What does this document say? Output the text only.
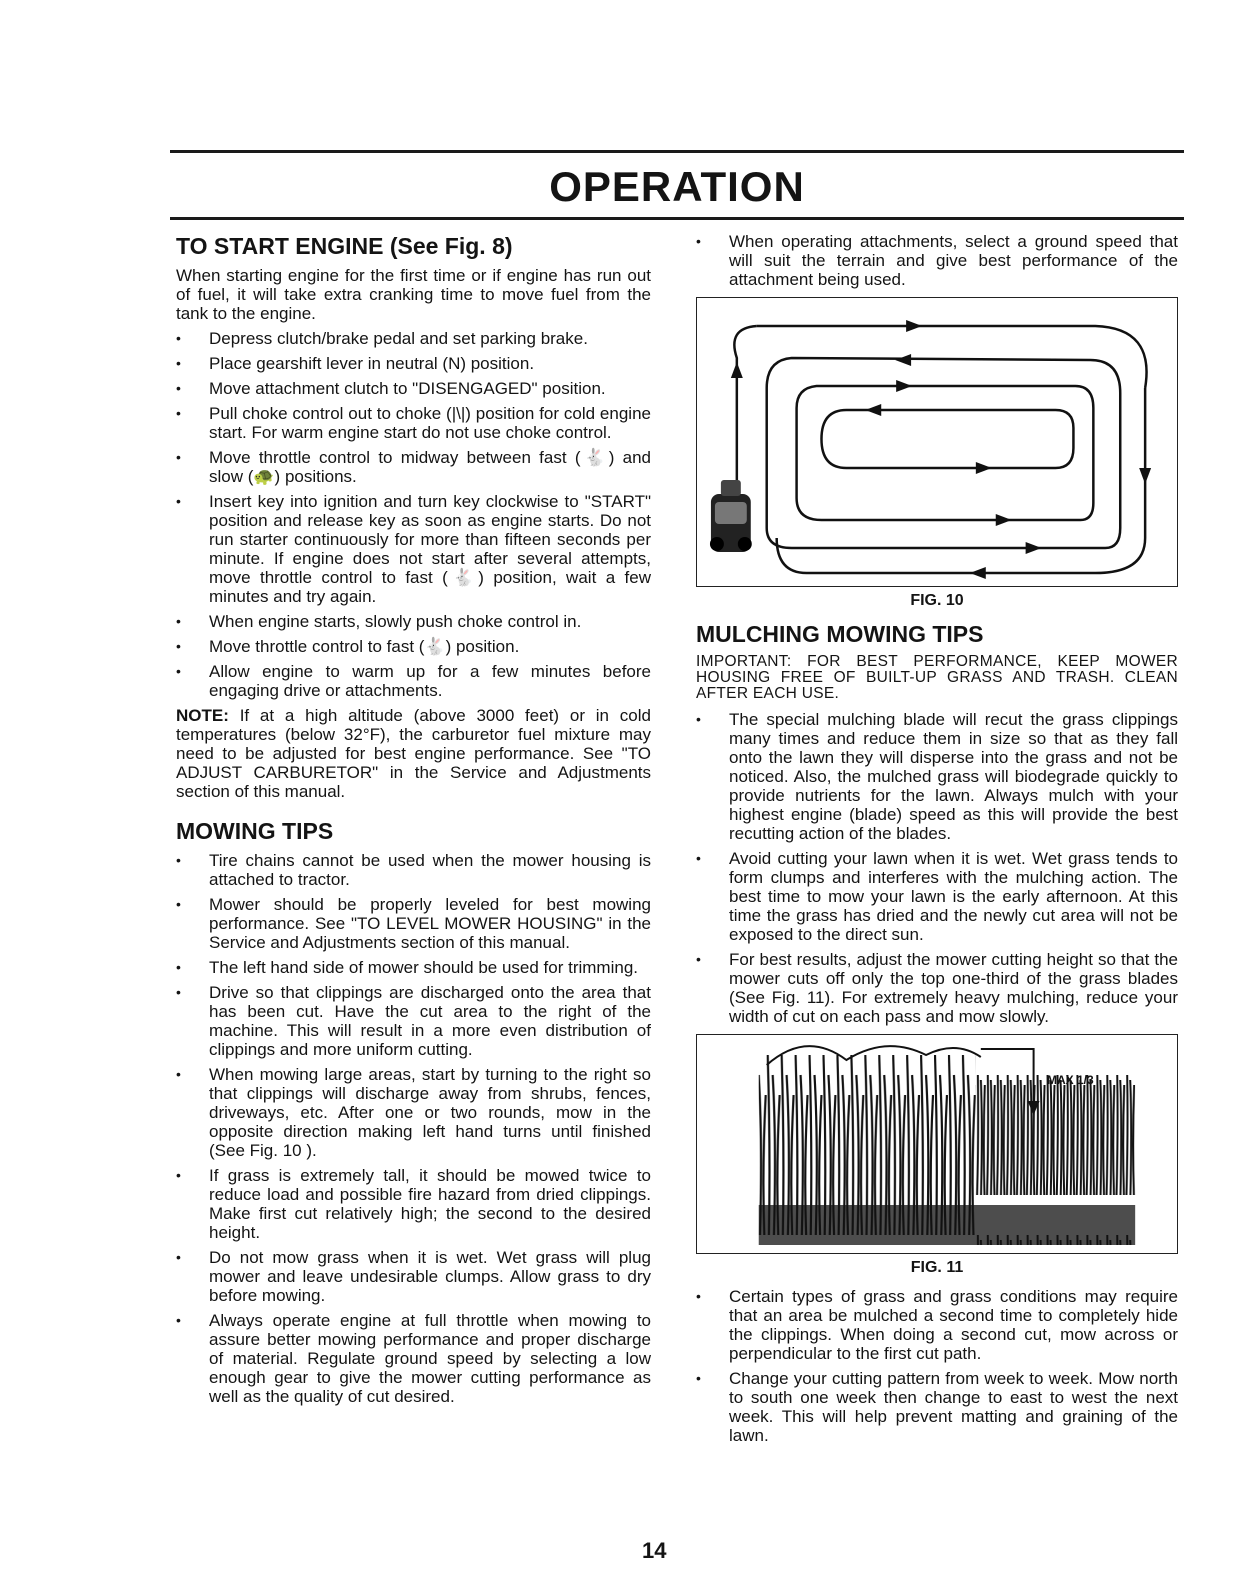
OPERATION
TO START ENGINE (See Fig. 8)

When starting engine for the first time or if engine has run out of fuel, it will take extra cranking time to move fuel from the tank to the engine.

• Depress clutch/brake pedal and set parking brake.
• Place gearshift lever in neutral (N) position.
• Move attachment clutch to "DISENGAGED" position.
• Pull choke control out to choke (|\|) position for cold engine start. For warm engine start do not use choke control.
• Move throttle control to midway between fast (🐇) and slow (🐢) positions.
• Insert key into ignition and turn key clockwise to "START" position and release key as soon as engine starts. Do not run starter continuously for more than fifteen seconds per minute. If engine does not start after several attempts, move throttle control to fast (🐇) position, wait a few minutes and try again.
• When engine starts, slowly push choke control in.
• Move throttle control to fast (🐇) position.
• Allow engine to warm up for a few minutes before engaging drive or attachments.

NOTE: If at a high altitude (above 3000 feet) or in cold temperatures (below 32°F), the carburetor fuel mixture may need to be adjusted for best engine performance. See "TO ADJUST CARBURETOR" in the Service and Adjustments section of this manual.

MOWING TIPS
• Tire chains cannot be used when the mower housing is attached to tractor.
• Mower should be properly leveled for best mowing performance. See "TO LEVEL MOWER HOUSING" in the Service and Adjustments section of this manual.
• The left hand side of mower should be used for trimming.
• Drive so that clippings are discharged onto the area that has been cut. Have the cut area to the right of the machine. This will result in a more even distribution of clippings and more uniform cutting.
• When mowing large areas, start by turning to the right so that clippings will discharge away from shrubs, fences, driveways, etc. After one or two rounds, mow in the opposite direction making left hand turns until finished (See Fig. 10 ).
• If grass is extremely tall, it should be mowed twice to reduce load and possible fire hazard from dried clippings. Make first cut relatively high; the second to the desired height.
• Do not mow grass when it is wet. Wet grass will plug mower and leave undesirable clumps. Allow grass to dry before mowing.
• Always operate engine at full throttle when mowing to assure better mowing performance and proper discharge of material. Regulate ground speed by selecting a low enough gear to give the mower cutting performance as well as the quality of cut desired.
• When operating attachments, select a ground speed that will suit the terrain and give best performance of the attachment being used.
FIG. 10
MULCHING MOWING TIPS

IMPORTANT: FOR BEST PERFORMANCE, KEEP MOWER HOUSING FREE OF BUILT-UP GRASS AND TRASH. CLEAN AFTER EACH USE.

• The special mulching blade will recut the grass clippings many times and reduce them in size so that as they fall onto the lawn they will disperse into the grass and not be noticed. Also, the mulched grass will biodegrade quickly to provide nutrients for the lawn. Always mulch with your highest engine (blade) speed as this will provide the best recutting action of the blades.
• Avoid cutting your lawn when it is wet. Wet grass tends to form clumps and interferes with the mulching action. The best time to mow your lawn is the early afternoon. At this time the grass has dried and the newly cut area will not be exposed to the direct sun.
• For best results, adjust the mower cutting height so that the mower cuts off only the top one-third of the grass blades (See Fig. 11). For extremely heavy mulching, reduce your width of cut on each pass and mow slowly.
MAX 1/3
FIG. 11
• Certain types of grass and grass conditions may require that an area be mulched a second time to completely hide the clippings. When doing a second cut, mow across or perpendicular to the first cut path.
• Change your cutting pattern from week to week. Mow north to south one week then change to east to west the next week. This will help prevent matting and graining of the lawn.
14
